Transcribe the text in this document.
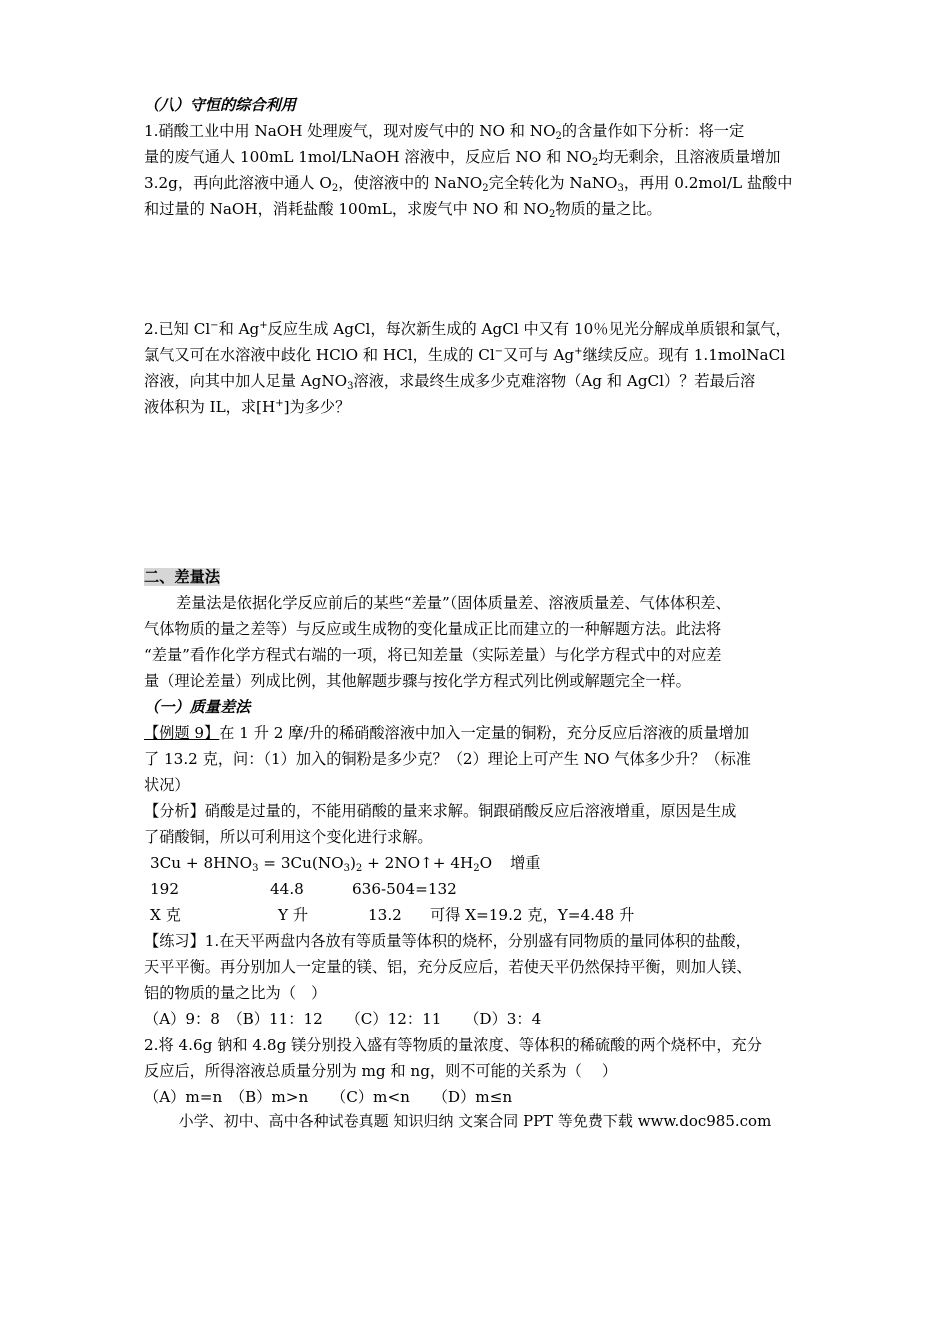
（八）守恒的综合利用

1.硝酸工业中用 NaOH 处理废气，现对废气中的 NO 和 $NO_2$的含量作如下分析：将一定

量的废气通人 100mL 1mol/LNaOH 溶液中，反应后 NO 和 $NO_2$均无剩余，且溶液质量增加

3.2g，再向此溶液中通人 $O_2$，使溶液中的 NaNO$_2$完全转化为 NaNO$_3$，再用 0.2mol/L 盐酸中

和过量的 NaOH，消耗盐酸 100mL，求废气中 NO 和 $NO_2$物质的量之比。

2.已知 Cl−和 Ag+反应生成 AgCl，每次新生成的 AgCl 中又有 10％见光分解成单质银和氯气，

氯气又可在水溶液中歧化 HClO 和 HCl，生成的 Cl−又可与 Ag+继续反应。现有 1.1molNaCl

溶液，向其中加人足量 AgNO$_3$溶液，求最终生成多少克难溶物（Ag 和 AgCl）？若最后溶

液体积为 IL，求[H+]为多少？

二、差量法

差量法是依据化学反应前后的某些“差量”（固体质量差、溶液质量差、气体体积差、

气体物质的量之差等）与反应或生成物的变化量成正比而建立的一种解题方法。此法将

“差量”看作化学方程式右端的一项，将已知差量（实际差量）与化学方程式中的对应差

量（理论差量）列成比例，其他解题步骤与按化学方程式列比例或解题完全一样。

（一）质量差法

【例题 9】在 1 升 2 摩/升的稀硝酸溶液中加入一定量的铜粉，充分反应后溶液的质量增加

了 13.2 克，问：（1）加入的铜粉是多少克？（2）理论上可产生 NO 气体多少升？（标准

状况）

【分析】硝酸是过量的，不能用硝酸的量来求解。铜跟硝酸反应后溶液增重，原因是生成

了硝酸铜，所以可利用这个变化进行求解。

$3Cu + 8HNO_3 = 3Cu(NO_3)_2$ + 2NO↑+ $4H_2O$ 增重

192	44.8	636-504=132

X 克	Y 升	13.2 可得 X=19.2 克，Y=4.48 升

【练习】1.在天平两盘内各放有等质量等体积的烧杯，分别盛有同物质的量同体积的盐酸，

天平平衡。再分别加人一定量的镁、铝，充分反应后，若使天平仍然保持平衡，则加人镁、

铝的物质的量之比为（　）

（A）9：8　（B）11：12　　（C）12：11　　（D）3：4

2.将 4.6g 钠和 4.8g 镁分别投入盛有等物质的量浓度、等体积的稀硫酸的两个烧杯中，充分

反应后，所得溶液总质量分别为 mg 和 ng，则不可能的关系为（　 ）

（A）m=n　（B）m>n　　（C）m<n　　（D）m≤n

小学、初中、高中各种试卷真题 知识归纳 文案合同 PPT 等免费下载 www.doc985.com
